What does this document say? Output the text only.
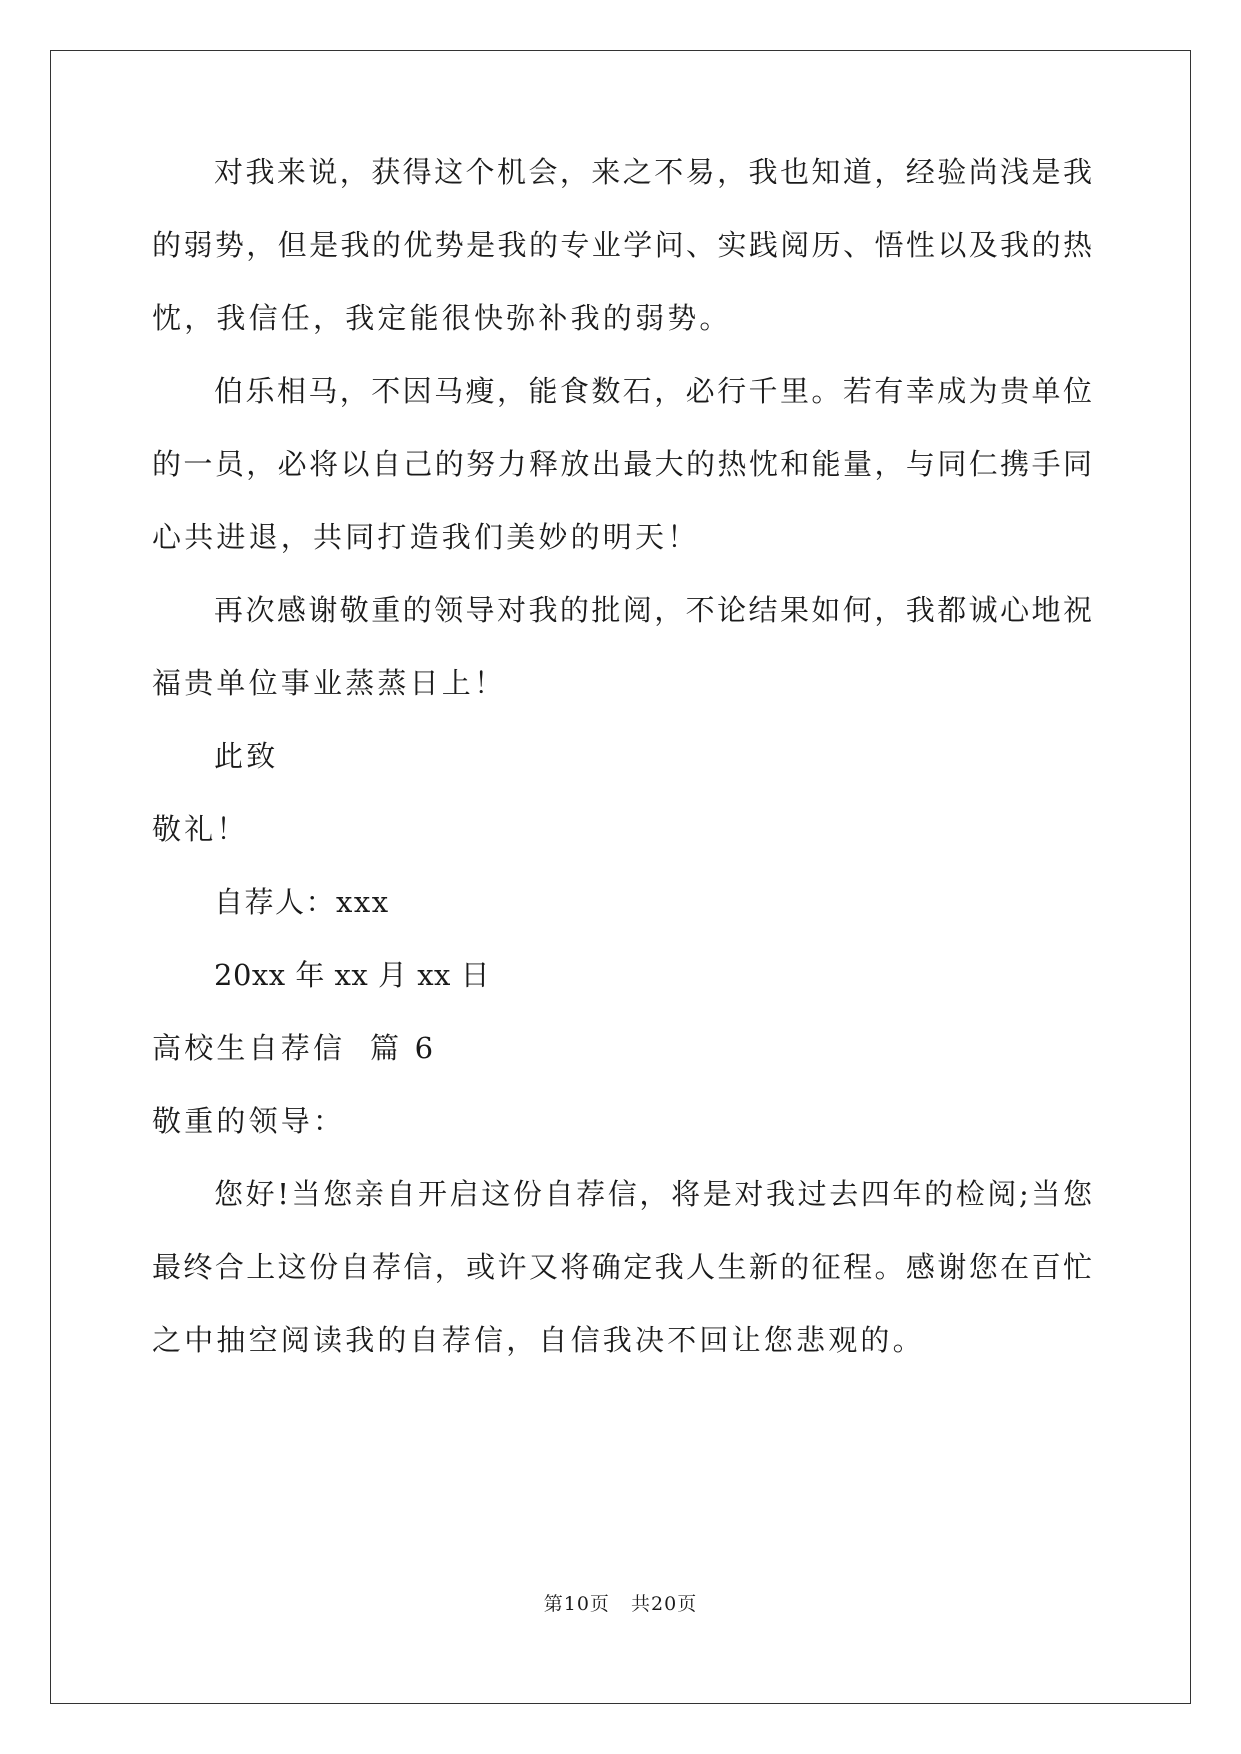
对我来说，获得这个机会，来之不易，我也知道，经验尚浅是我
的弱势，但是我的优势是我的专业学问、实践阅历、悟性以及我的热
忱，我信任，我定能很快弥补我的弱势。
伯乐相马，不因马瘦，能食数石，必行千里。若有幸成为贵单位
的一员，必将以自己的努力释放出最大的热忱和能量，与同仁携手同
心共进退，共同打造我们美妙的明天！
再次感谢敬重的领导对我的批阅，不论结果如何，我都诚心地祝
福贵单位事业蒸蒸日上！
此致
敬礼！
自荐人：xxx
20xx 年 xx 月 xx 日
高校生自荐信  篇 6
敬重的领导：
您好!当您亲自开启这份自荐信，将是对我过去四年的检阅;当您
最终合上这份自荐信，或许又将确定我人生新的征程。感谢您在百忙
之中抽空阅读我的自荐信，自信我决不回让您悲观的。
第10页   共20页
